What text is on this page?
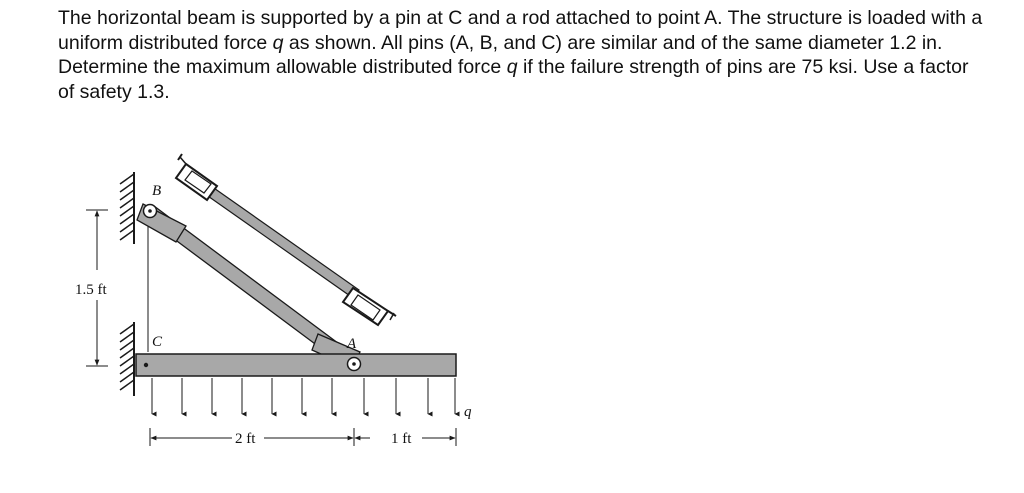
The horizontal beam is supported by a pin at C and a rod attached to point A. The structure is loaded with a uniform distributed force q as shown. All pins (A, B, and C) are similar and of the same diameter 1.2 in. Determine the maximum allowable distributed force q if the failure strength of pins are 75 ksi. Use a factor of safety 1.3.

1.5 ft
2 ft	1 ft
B
C	A
q
